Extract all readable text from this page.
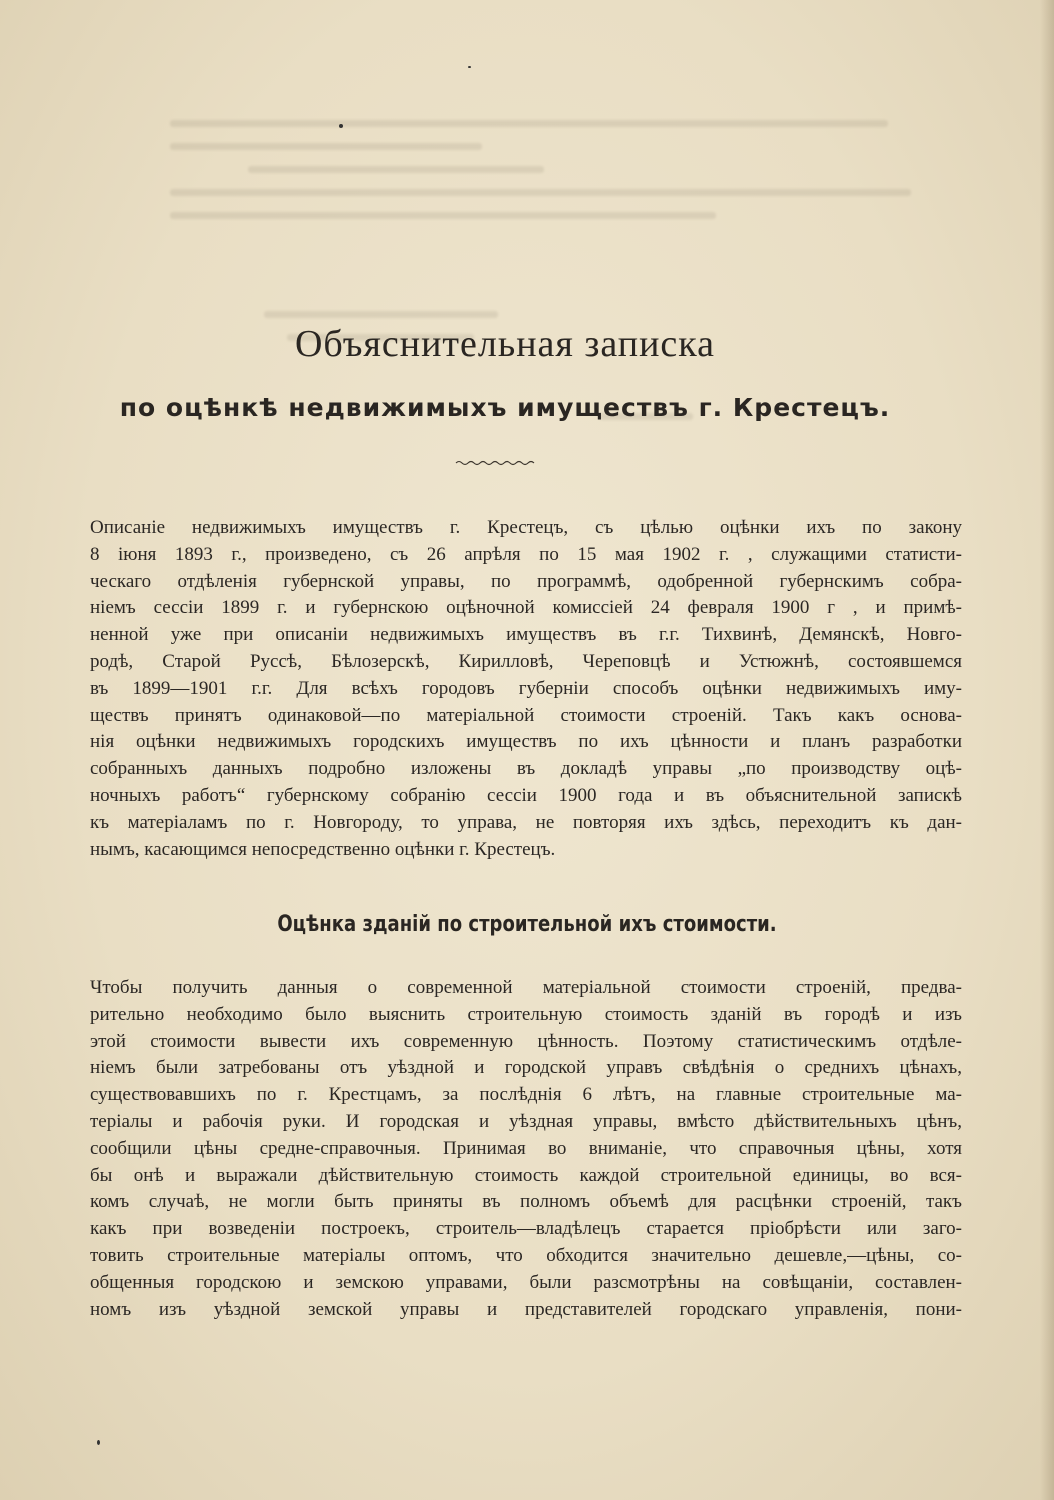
Объяснительная записка
по оцѣнкѣ недвижимыхъ имуществъ г. Крестецъ.
Описаніе недвижимыхъ имуществъ г. Крестецъ, съ цѣлью оцѣнки ихъ по закону
8 іюня 1893 г., произведено, съ 26 апрѣля по 15 мая 1902 г. , служащими статисти-
ческаго отдѣленія губернской управы, по программѣ, одобренной губернскимъ собра-
ніемъ сессіи 1899 г. и губернскою оцѣночной комиссіей 24 февраля 1900 г , и примѣ-
ненной уже при описаніи недвижимыхъ имуществъ въ г.г. Тихвинѣ, Демянскѣ, Новго-
родѣ, Старой Руссѣ, Бѣлозерскѣ, Кирилловѣ, Череповцѣ и Устюжнѣ, состоявшемся
въ 1899—1901 г.г. Для всѣхъ городовъ губерніи способъ оцѣнки недвижимыхъ иму-
ществъ принятъ одинаковой—по матеріальной стоимости строеній. Такъ какъ основа-
нія оцѣнки недвижимыхъ городскихъ имуществъ по ихъ цѣнности и планъ разработки
собранныхъ данныхъ подробно изложены въ докладѣ управы „по производству оцѣ-
ночныхъ работъ“ губернскому собранію сессіи 1900 года и въ объяснительной запискѣ
къ матеріаламъ по г. Новгороду, то управа, не повторяя ихъ здѣсь, переходитъ къ дан-
нымъ, касающимся непосредственно оцѣнки г. Крестецъ.
Оцѣнка зданій по строительной ихъ стоимости.
Чтобы получить данныя о современной матеріальной стоимости строеній, предва-
рительно необходимо было выяснить строительную стоимость зданій въ городѣ и изъ
этой стоимости вывести ихъ современную цѣнность. Поэтому статистическимъ отдѣле-
ніемъ были затребованы отъ уѣздной и городской управъ свѣдѣнія о среднихъ цѣнахъ,
существовавшихъ по г. Крестцамъ, за послѣднія 6 лѣтъ, на главные строительные ма-
теріалы и рабочія руки. И городская и уѣздная управы, вмѣсто дѣйствительныхъ цѣнъ,
сообщили цѣны средне-справочныя. Принимая во вниманіе, что справочныя цѣны, хотя
бы онѣ и выражали дѣйствительную стоимость каждой строительной единицы, во вся-
комъ случаѣ, не могли быть приняты въ полномъ объемѣ для расцѣнки строеній, такъ
какъ при возведеніи построекъ, строитель—владѣлецъ старается пріобрѣсти или заго-
товить строительные матеріалы оптомъ, что обходится значительно дешевле,—цѣны, со-
общенныя городскою и земскою управами, были разсмотрѣны на совѣщаніи, составлен-
номъ изъ уѣздной земской управы и представителей городскаго управленія, пони-
